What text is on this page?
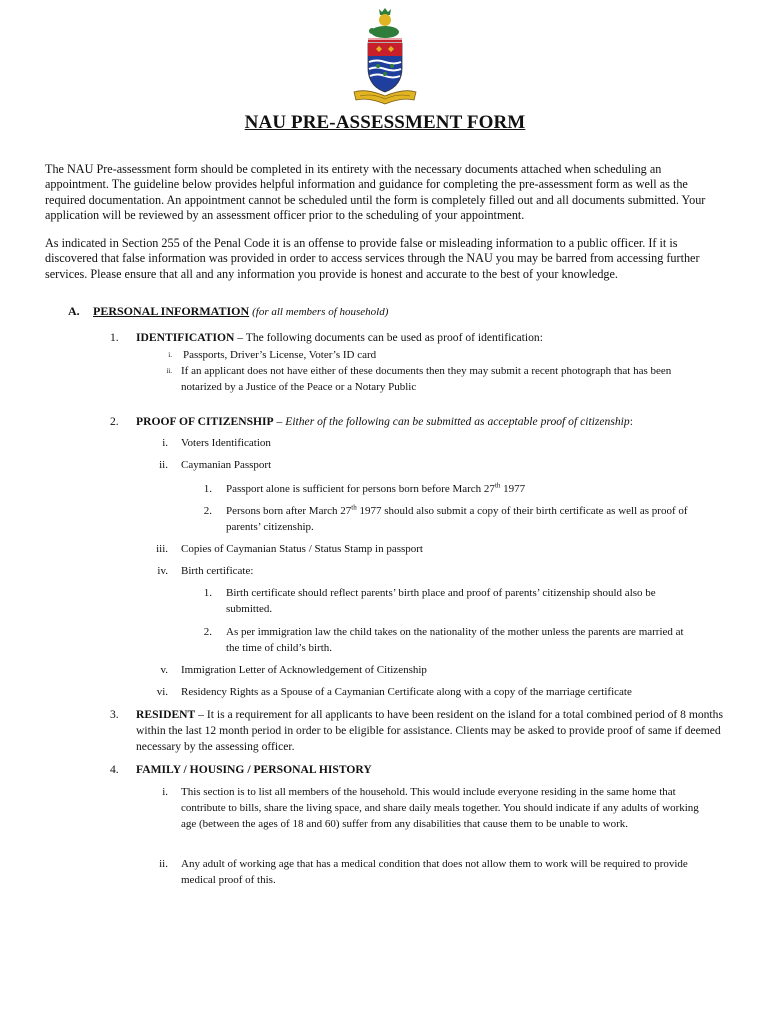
NAU PRE-ASSESSMENT FORM
The NAU Pre-assessment form should be completed in its entirety with the necessary documents attached when scheduling an appointment. The guideline below provides helpful information and guidance for completing the pre-assessment form as well as the required documentation. An appointment cannot be scheduled until the form is completely filled out and all documents submitted. Your application will be reviewed by an assessment officer prior to the scheduling of your appointment.
As indicated in Section 255 of the Penal Code it is an offense to provide false or misleading information to a public officer. If it is discovered that false information was provided in order to access services through the NAU you may be barred from accessing further services. Please ensure that all and any information you provide is honest and accurate to the best of your knowledge.
A. PERSONAL INFORMATION (for all members of household)
1.	IDENTIFICATION – The following documents can be used as proof of identification:
i. Passports, Driver’s License, Voter’s ID card
ii. If an applicant does not have either of these documents then they may submit a recent photograph that has been notarized by a Justice of the Peace or a Notary Public
2.	PROOF OF CITIZENSHIP – Either of the following can be submitted as acceptable proof of citizenship:
i. Voters Identification
ii. Caymanian Passport
1. Passport alone is sufficient for persons born before March 27th 1977
2. Persons born after March 27th 1977 should also submit a copy of their birth certificate as well as proof of parents’ citizenship.
iii. Copies of Caymanian Status / Status Stamp in passport
iv. Birth certificate:
1. Birth certificate should reflect parents’ birth place and proof of parents’ citizenship should also be submitted.
2. As per immigration law the child takes on the nationality of the mother unless the parents are married at the time of child’s birth.
v. Immigration Letter of Acknowledgement of Citizenship
vi. Residency Rights as a Spouse of a Caymanian Certificate along with a copy of the marriage certificate
3.	RESIDENT – It is a requirement for all applicants to have been resident on the island for a total combined period of 8 months within the last 12 month period in order to be eligible for assistance. Clients may be asked to provide proof of same if deemed necessary by the assessing officer.
4.	FAMILY / HOUSING / PERSONAL HISTORY
i. This section is to list all members of the household. This would include everyone residing in the same home that contribute to bills, share the living space, and share daily meals together. You should indicate if any adults of working age (between the ages of 18 and 60) suffer from any disabilities that cause them to be unable to work.
ii. Any adult of working age that has a medical condition that does not allow them to work will be required to provide medical proof of this.
